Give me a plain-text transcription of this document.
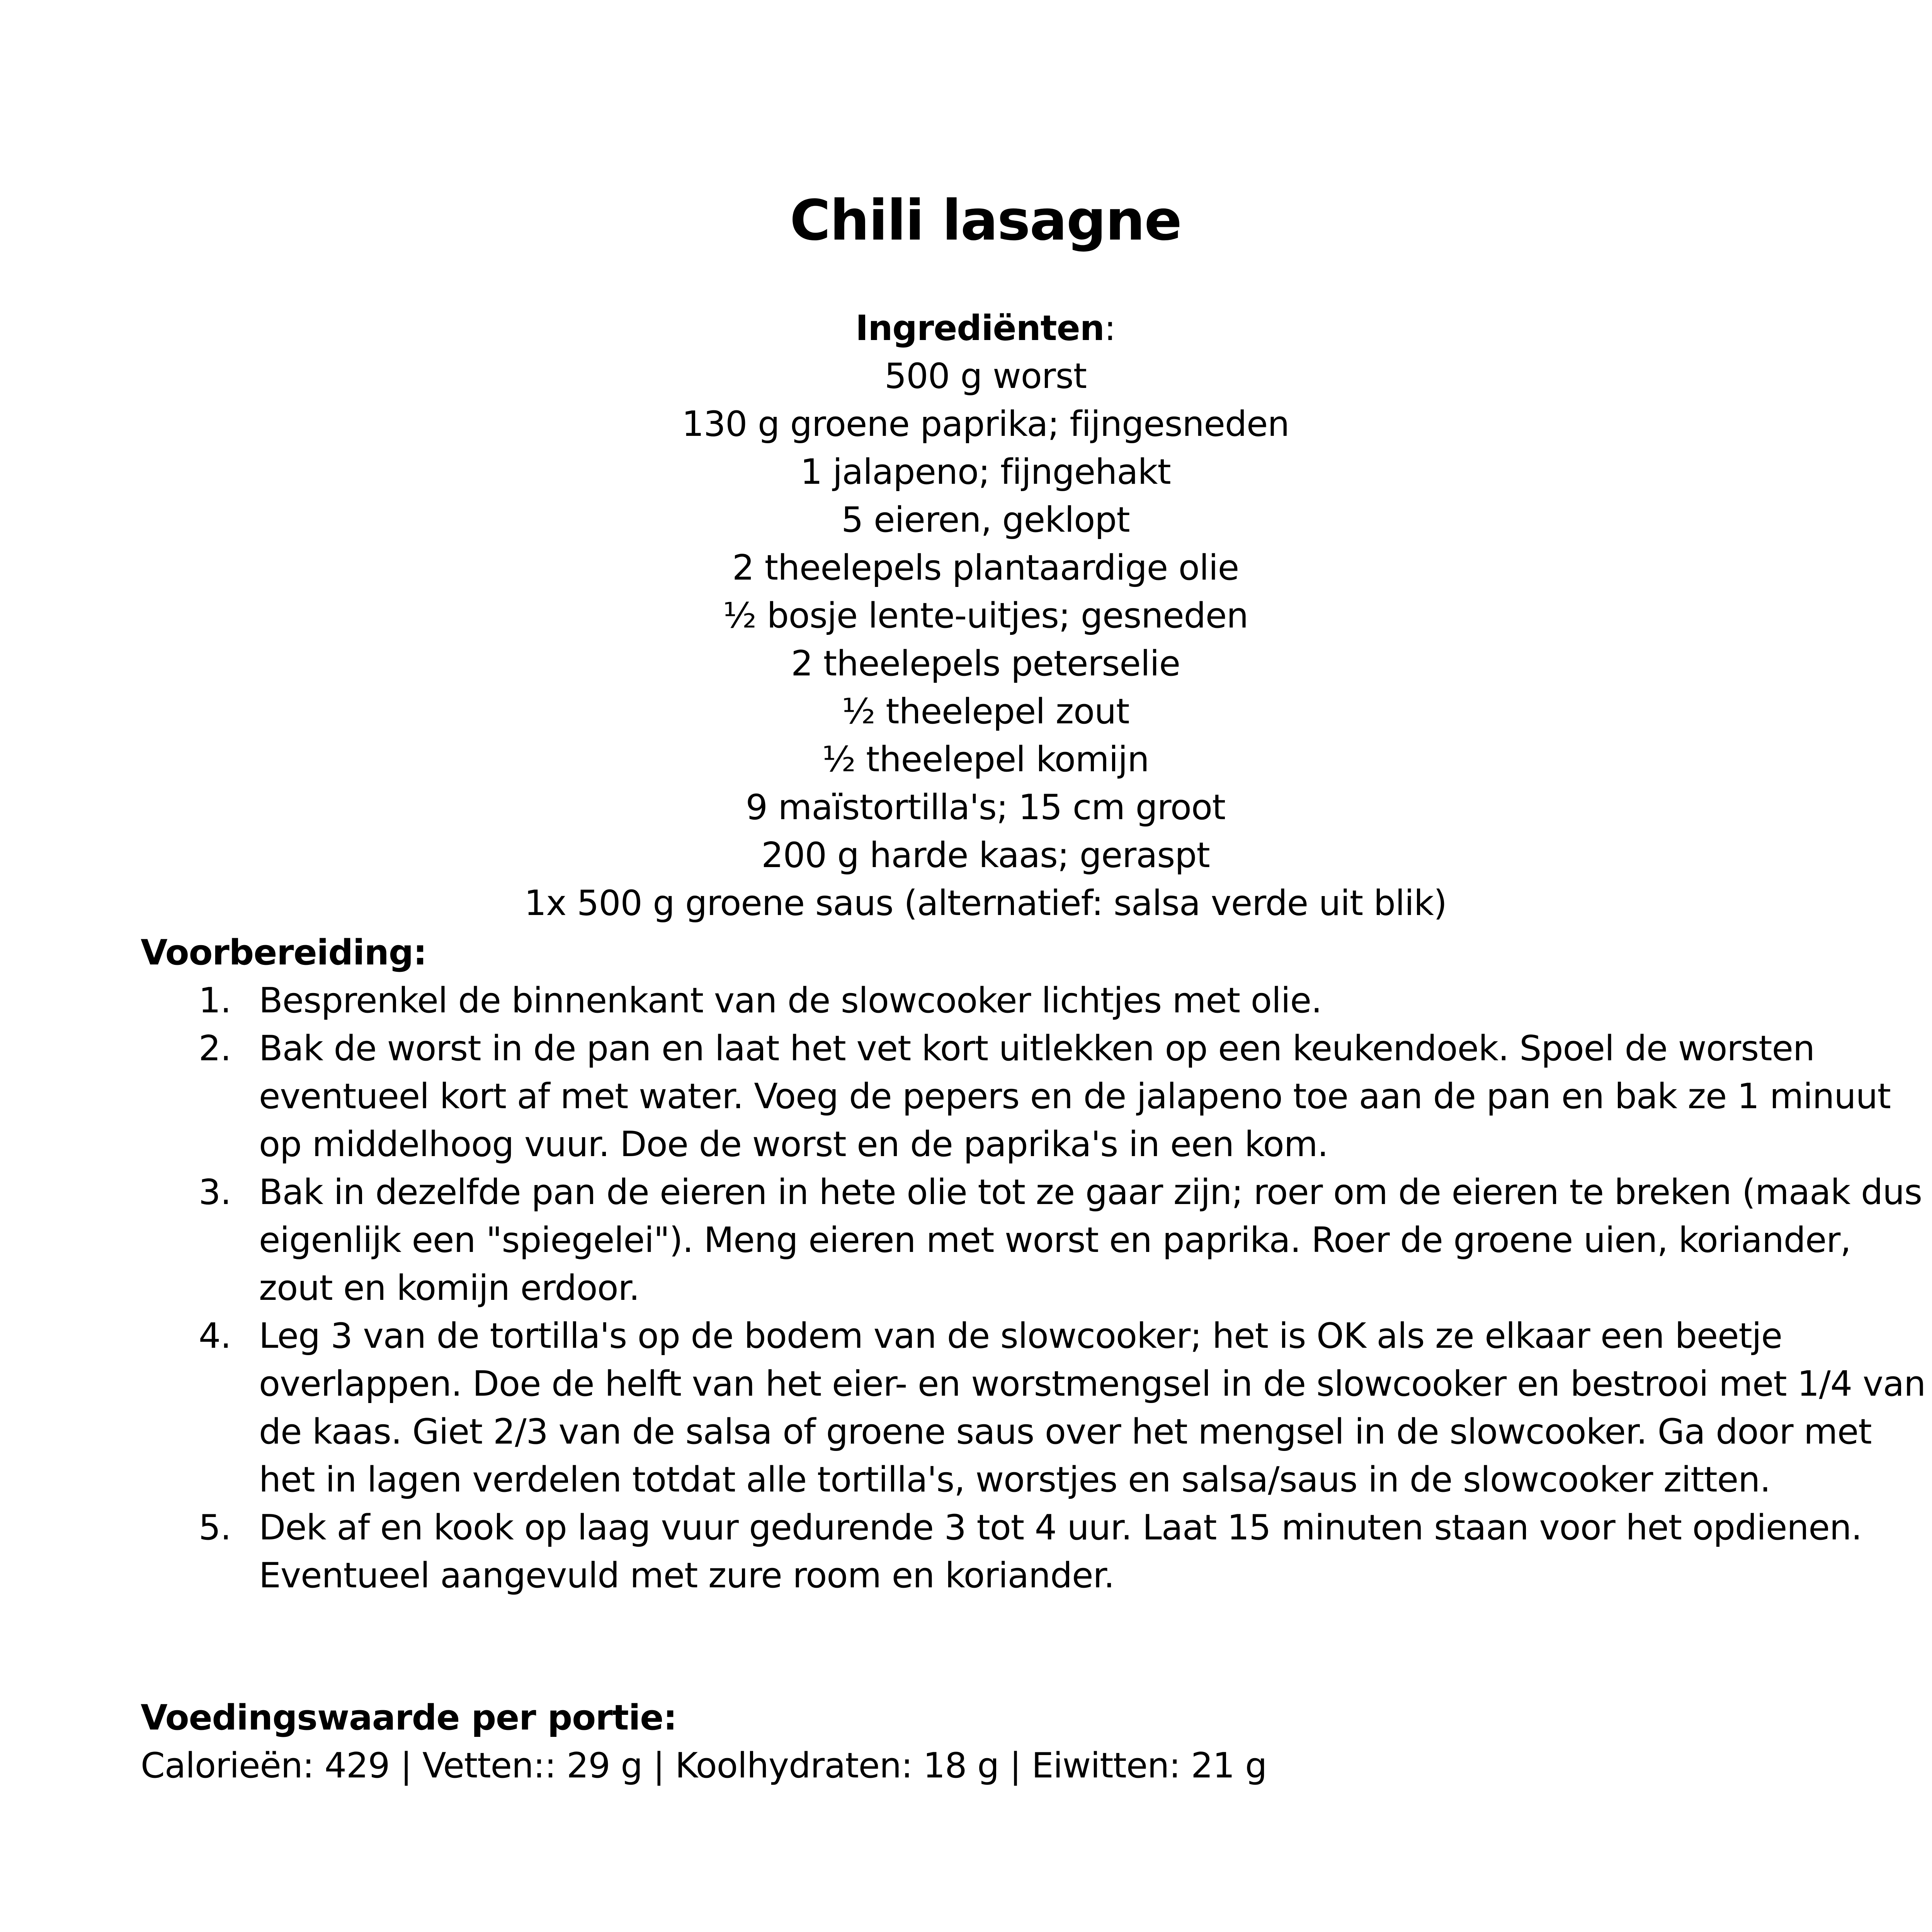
Chili lasagne
Ingrediënten:
500 g worst
130 g groene paprika; fijngesneden
1 jalapeno; fijngehakt
5 eieren, geklopt
2 theelepels plantaardige olie
½ bosje lente-uitjes; gesneden
2 theelepels peterselie
½ theelepel zout
½ theelepel komijn
9 maïstortilla's; 15 cm groot
200 g harde kaas; geraspt
1x 500 g groene saus (alternatief: salsa verde uit blik)
Voorbereiding:
1. Besprenkel de binnenkant van de slowcooker lichtjes met olie.
2. Bak de worst in de pan en laat het vet kort uitlekken op een keukendoek. Spoel de worsten eventueel kort af met water. Voeg de pepers en de jalapeno toe aan de pan en bak ze 1 minuut op middelhoog vuur. Doe de worst en de paprika's in een kom.
3. Bak in dezelfde pan de eieren in hete olie tot ze gaar zijn; roer om de eieren te breken (maak dus eigenlijk een "spiegelei"). Meng eieren met worst en paprika. Roer de groene uien, koriander, zout en komijn erdoor.
4. Leg 3 van de tortilla's op de bodem van de slowcooker; het is OK als ze elkaar een beetje overlappen. Doe de helft van het eier- en worstmengsel in de slowcooker en bestrooi met 1/4 van de kaas. Giet 2/3 van de salsa of groene saus over het mengsel in de slowcooker. Ga door met het in lagen verdelen totdat alle tortilla's, worstjes en salsa/saus in de slowcooker zitten.
5. Dek af en kook op laag vuur gedurende 3 tot 4 uur. Laat 15 minuten staan voor het opdienen. Eventueel aangevuld met zure room en koriander.
Voedingswaarde per portie:
Calorieën: 429 | Vetten:: 29 g | Koolhydraten: 18 g | Eiwitten: 21 g
